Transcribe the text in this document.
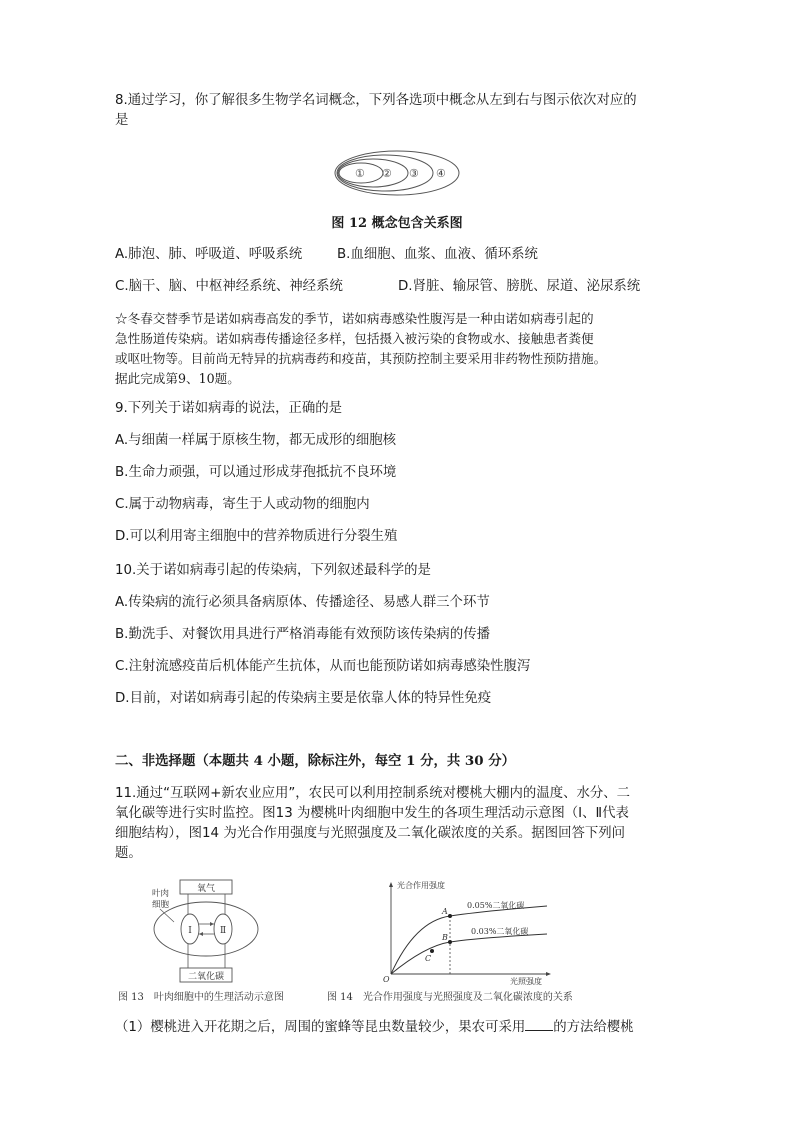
8.通过学习，你了解很多生物学名词概念，下列各选项中概念从左到右与图示依次对应的
是
① ② ③ ④
图 12 概念包含关系图
A.肺泡、肺、呼吸道、呼吸系统	B.血细胞、血浆、血液、循环系统
C.脑干、脑、中枢神经系统、神经系统	D.肾脏、输尿管、膀胱、尿道、泌尿系统
☆冬春交替季节是诺如病毒高发的季节，诺如病毒感染性腹泻是一种由诺如病毒引起的
急性肠道传染病。诺如病毒传播途径多样，包括摄入被污染的食物或水、接触患者粪便
或呕吐物等。目前尚无特异的抗病毒药和疫苗，其预防控制主要采用非药物性预防措施。
据此完成第9、10题。
9.下列关于诺如病毒的说法，正确的是
A.与细菌一样属于原核生物，都无成形的细胞核
B.生命力顽强，可以通过形成芽孢抵抗不良环境
C.属于动物病毒，寄生于人或动物的细胞内
D.可以利用寄主细胞中的营养物质进行分裂生殖
10.关于诺如病毒引起的传染病，下列叙述最科学的是
A.传染病的流行必须具备病原体、传播途径、易感人群三个环节
B.勤洗手、对餐饮用具进行严格消毒能有效预防该传染病的传播
C.注射流感疫苗后机体能产生抗体，从而也能预防诺如病毒感染性腹泻
D.目前，对诺如病毒引起的传染病主要是依靠人体的特异性免疫
二、非选择题（本题共 4 小题，除标注外，每空 1 分，共 30 分）
11.通过“互联网+新农业应用”，农民可以利用控制系统对樱桃大棚内的温度、水分、二
氧化碳等进行实时监控。图13 为樱桃叶肉细胞中发生的各项生理活动示意图（Ⅰ、Ⅱ代表
细胞结构），图14 为光合作用强度与光照强度及二氧化碳浓度的关系。据图回答下列问
题。
氧气
叶肉
细胞
Ⅰ	Ⅱ
二氧化碳
图 13　叶肉细胞中的生理活动示意图
光合作用强度
光照强度
O
A
B
C
0.05%二氧化碳
0.03%二氧化碳
图 14　光合作用强度与光照强度及二氧化碳浓度的关系
（1）樱桃进入开花期之后，周围的蜜蜂等昆虫数量较少，果农可采用 的方法给樱桃
